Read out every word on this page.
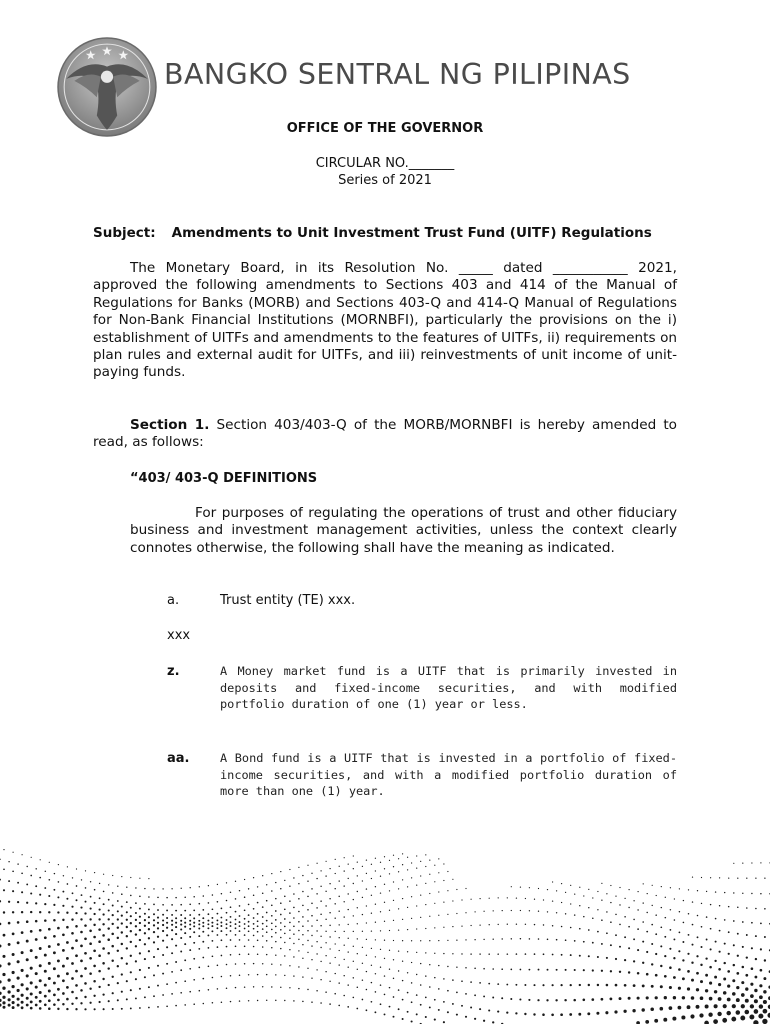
BANGKO SENTRAL NG PILIPINAS
OFFICE OF THE GOVERNOR
CIRCULAR NO._______
Series of 2021
Subject: Amendments to Unit Investment Trust Fund (UITF) Regulations
The Monetary Board, in its Resolution No. _____ dated ___________ 2021, approved the following amendments to Sections 403 and 414 of the Manual of Regulations for Banks (MORB) and Sections 403-Q and 414-Q Manual of Regulations for Non-Bank Financial Institutions (MORNBFI), particularly the provisions on the i) establishment of UITFs and amendments to the features of UITFs, ii) requirements on plan rules and external audit for UITFs, and iii) reinvestments of unit income of unit-paying funds.
Section 1. Section 403/403-Q of the MORB/MORNBFI is hereby amended to read, as follows:
“403/ 403-Q DEFINITIONS
For purposes of regulating the operations of trust and other fiduciary business and investment management activities, unless the context clearly connotes otherwise, the following shall have the meaning as indicated.
a.	Trust entity (TE) xxx.
xxx
z.	A Money market fund is a UITF that is primarily invested in deposits and fixed-income securities, and with modified portfolio duration of one (1) year or less.
aa.	A Bond fund is a UITF that is invested in a portfolio of fixed-income securities, and with a modified portfolio duration of more than one (1) year.
